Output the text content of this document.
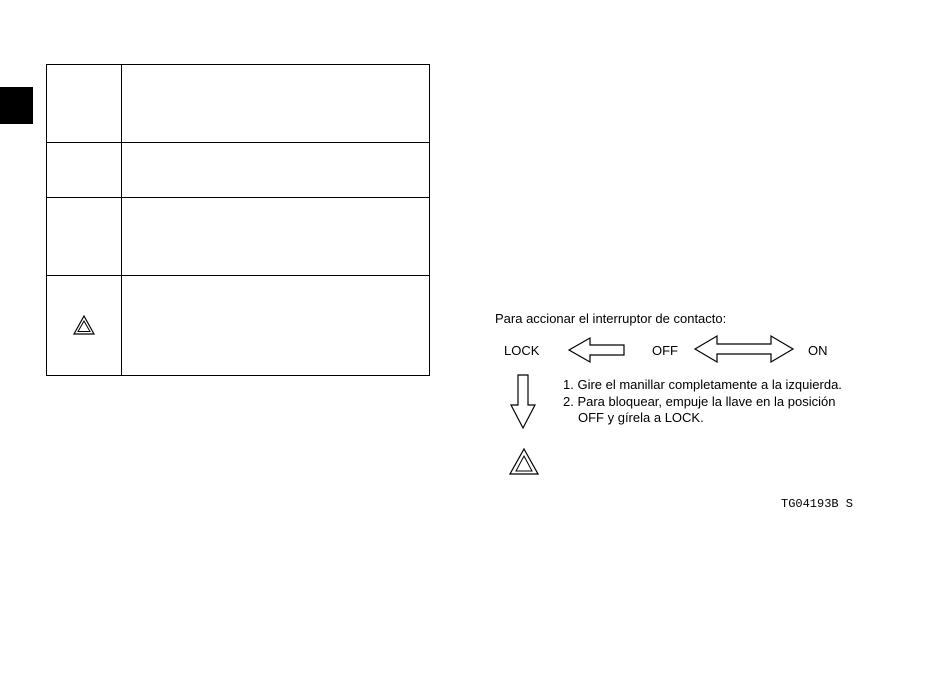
Para accionar el interruptor de contacto:
LOCK	OFF	ON
1. Gire el manillar completamente a la izquierda.
2. Para bloquear, empuje la llave en la posición
OFF y gírela a LOCK.
TG04193B S
